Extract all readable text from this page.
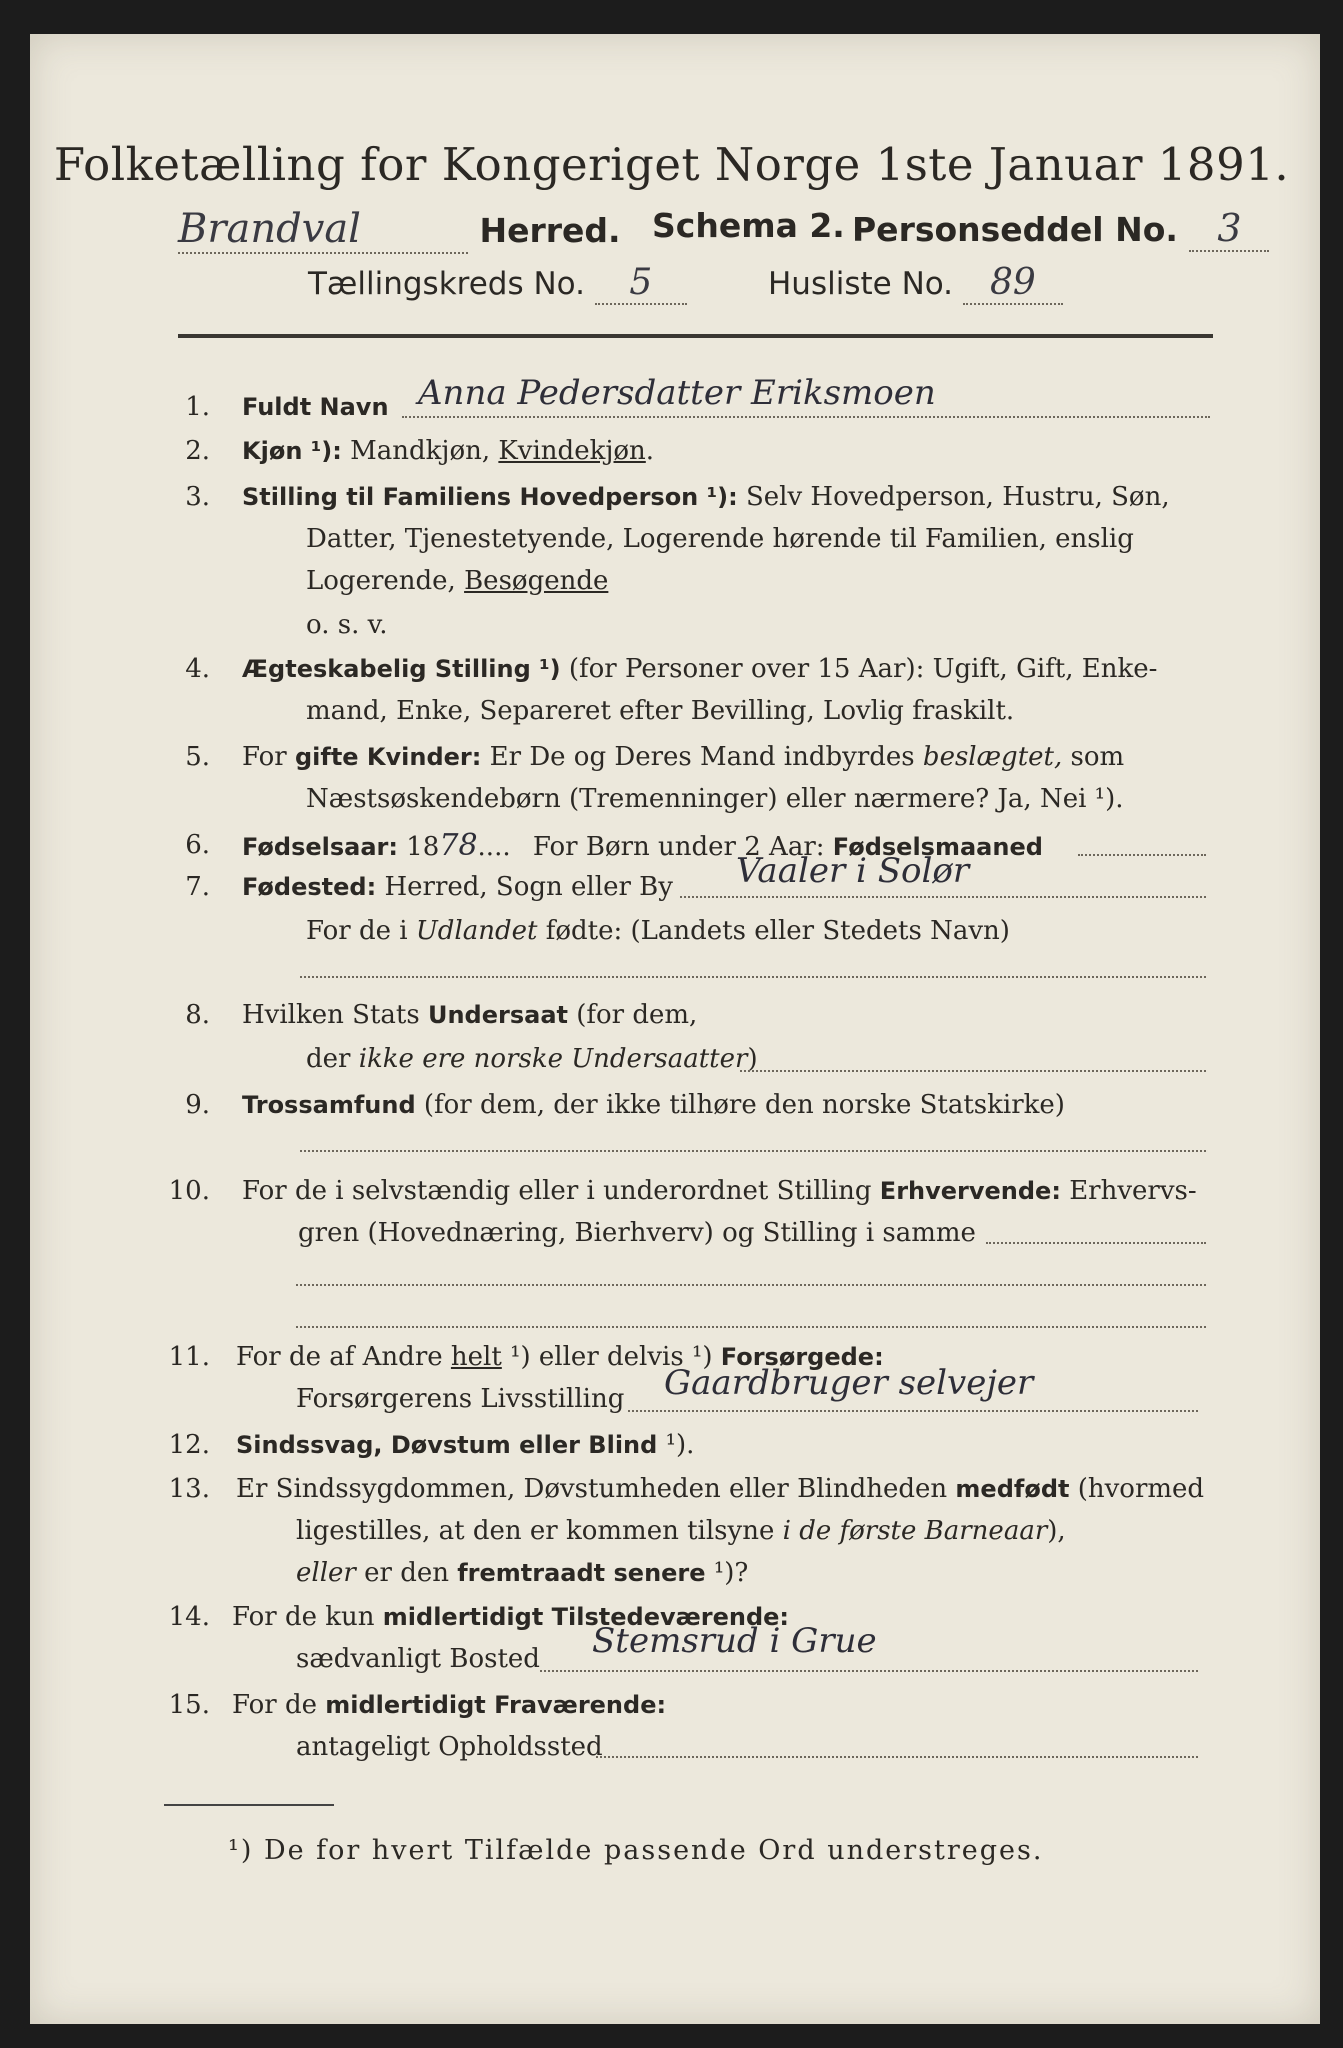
Folketælling for Kongeriget Norge 1ste Januar 1891.
Brandval	Herred. Schema 2. Personseddel No. 3
Tællingskreds No. 5	Husliste No. 89
1. Fuldt Navn Anna Pedersdatter Eriksmoen
2. Kjøn ¹): Mandkjøn, Kvindekjøn.
3. Stilling til Familiens Hovedperson ¹): Selv Hovedperson, Hustru, Søn,
Datter, Tjenestetyende, Logerende hørende til Familien, enslig
Logerende, Besøgende
o. s. v.
4. Ægteskabelig Stilling ¹) (for Personer over 15 Aar): Ugift, Gift, Enke-
mand, Enke, Separeret efter Bevilling, Lovlig fraskilt.
5. For gifte Kvinder: Er De og Deres Mand indbyrdes beslægtet, som
Næstsøskendebørn (Tremenninger) eller nærmere? Ja, Nei ¹).
6. Fødselsaar: 1878.... For Børn under 2 Aar: Fødselsmaaned
7. Fødested: Herred, Sogn eller By Vaaler i Solør
For de i Udlandet fødte: (Landets eller Stedets Navn)
8. Hvilken Stats Undersaat (for dem,
der ikke ere norske Undersaatter)
9. Trossamfund (for dem, der ikke tilhøre den norske Statskirke)
10. For de i selvstændig eller i underordnet Stilling Erhvervende: Erhvervs-
gren (Hovednæring, Bierhverv) og Stilling i samme
11. For de af Andre helt ¹) eller delvis ¹) Forsørgede:
Forsørgerens Livsstilling Gaardbruger selvejer
12. Sindssvag, Døvstum eller Blind ¹).
13. Er Sindssygdommen, Døvstumheden eller Blindheden medfødt (hvormed
ligestilles, at den er kommen tilsyne i de første Barneaar),
eller er den fremtraadt senere ¹)?
14. For de kun midlertidigt Tilstedeværende:
sædvanligt Bosted Stemsrud i Grue
15. For de midlertidigt Fraværende:
antageligt Opholdssted
¹) De for hvert Tilfælde passende Ord understreges.
